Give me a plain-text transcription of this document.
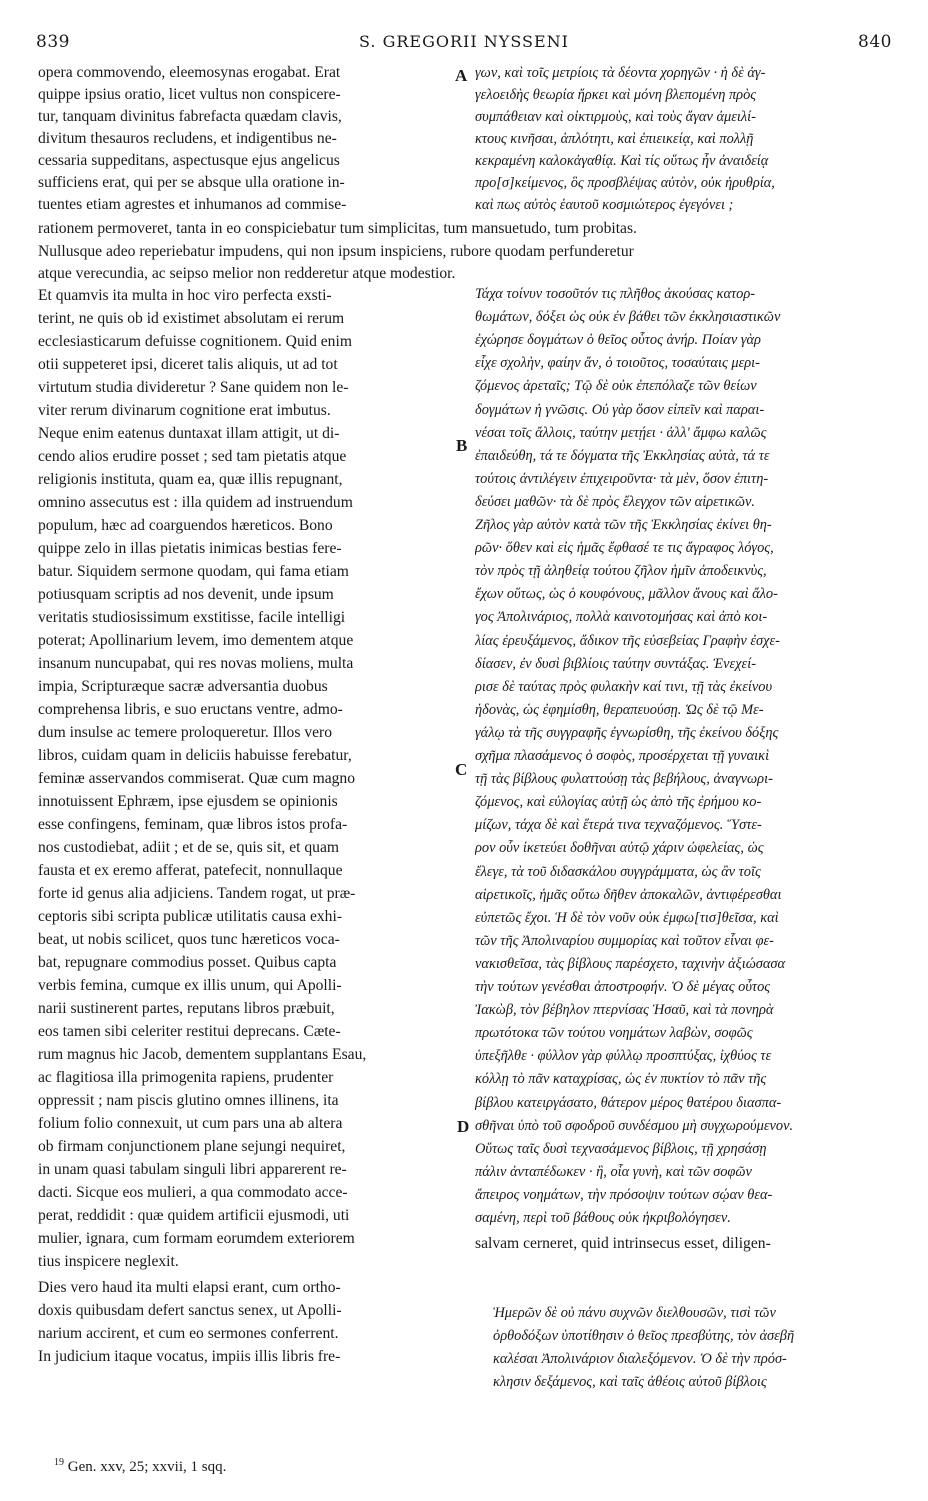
839	S. GREGORII NYSSENI	840
opera commovendo, eleemosynas erogabat. Erat
quippe ipsius oratio, licet vultus non conspicere-
tur, tanquam divinitus fabrefacta quædam clavis,
divitum thesauros recludens, et indigentibus ne-
cessaria suppeditans, aspectusque ejus angelicus
sufficiens erat, qui per se absque ulla oratione in-
tuentes etiam agrestes et inhumanos ad commise-
γων, καὶ τοῖς μετρίοις τὰ δέοντα χορηγῶν · ἡ δὲ ἀγ-
γελοειδὴς θεωρία ἤρκει καὶ μόνη βλεπομένη πρὸς
συμπάθειαν καὶ οἰκτιρμοὺς, καὶ τοὺς ἄγαν ἀμειλί-
κτους κινῆσαι, ἁπλότητι, καὶ ἐπιεικείᾳ, καὶ πολλῇ
κεκραμένη καλοκἀγαθίᾳ. Καὶ τίς οὕτως ἦν ἀναιδείᾳ
προ[σ]κείμενος, ὃς προσβλέψας αὐτὸν, οὐκ ἠρυθρία,
καὶ πως αὐτὸς ἑαυτοῦ κοσμιώτερος ἐγεγόνει ;
rationem permoveret, tanta in eo conspiciebatur tum simplicitas, tum mansuetudo, tum probitas.
Nullusque adeo reperiebatur impudens, qui non ipsum inspiciens, rubore quodam perfunderetur
atque verecundia, ac seipso melior non redderetur atque modestior.
Et quamvis ita multa in hoc viro perfecta exsti-
terint, ne quis ob id existimet absolutam ei rerum
ecclesiasticarum defuisse cognitionem. Quid enim
otii suppeteret ipsi, diceret talis aliquis, ut ad tot
virtutum studia divideretur ? Sane quidem non le-
viter rerum divinarum cognitione erat imbutus.
Neque enim eatenus duntaxat illam attigit, ut di-
cendo alios erudire posset ; sed tam pietatis atque
religionis instituta, quam ea, quæ illis repugnant,
omnino assecutus est : illa quidem ad instruendum
populum, hæc ad coarguendos hæreticos. Bono
quippe zelo in illas pietatis inimicas bestias fere-
batur. Siquidem sermone quodam, qui fama etiam
potiusquam scriptis ad nos devenit, unde ipsum
veritatis studiosissimum exstitisse, facile intelligi
poterat; Apollinarium levem, imo dementem atque
insanum nuncupabat, qui res novas moliens, multa
impia, Scripturæque sacræ adversantia duobus
comprehensa libris, e suo eructans ventre, admo-
dum insulse ac temere proloqueretur. Illos vero
libros, cuidam quam in deliciis habuisse ferebatur,
feminæ asservandos commiserat. Quæ cum magno
innotuissent Ephræm, ipse ejusdem se opinionis
esse confingens, feminam, quæ libros istos profa-
nos custodiebat, adiit ; et de se, quis sit, et quam
fausta et ex eremo afferat, patefecit, nonnullaque
forte id genus alia adjiciens. Tandem rogat, ut præ-
ceptoris sibi scripta publicæ utilitatis causa exhi-
beat, ut nobis scilicet, quos tunc hæreticos voca-
bat, repugnare commodius posset. Quibus capta
verbis femina, cumque ex illis unum, qui Apolli-
narii sustinerent partes, reputans libros præbuit,
eos tamen sibi celeriter restitui deprecans. Cæte-
rum magnus hic Jacob, dementem supplantans Esau,
ac flagitiosa illa primogenita rapiens, prudenter
oppressit ; nam piscis glutino omnes illinens, ita
folium folio connexuit, ut cum pars una ab altera
ob firmam conjunctionem plane sejungi nequiret,
in unam quasi tabulam singuli libri apparerent re-
dacti. Sicque eos mulieri, a qua commodato acce-
perat, reddidit : quæ quidem artificii ejusmodi, uti
mulier, ignara, cum formam eorumdem exteriorem
tius inspicere neglexit.
Τάχα τοίνυν τοσοῦτόν τις πλῆθος ἀκούσας κατορ-
θωμάτων, δόξει ὡς οὐκ ἐν βάθει τῶν ἐκκλησιαστικῶν
ἐχώρησε δογμάτων ὁ θεῖος οὗτος ἀνήρ. Ποίαν γὰρ
εἶχε σχολὴν, φαίην ἄν, ὁ τοιοῦτος, τοσαύταις μερι-
ζόμενος ἀρεταῖς; Τῷ δὲ οὐκ ἐπεπόλαζε τῶν θείων
δογμάτων ἡ γνῶσις. Οὐ γὰρ ὅσον εἰπεῖν καὶ παραι-
νέσαι τοῖς ἄλλοις, ταύτην μετῄει · ἀλλ' ἄμφω καλῶς
ἐπαιδεύθη, τά τε δόγματα τῆς Ἐκκλησίας αὐτὰ, τά τε
τούτοις ἀντιλέγειν ἐπιχειροῦντα· τὰ μὲν, ὅσον ἐπιτη-
δεύσει μαθῶν· τὰ δὲ πρὸς ἔλεγχον τῶν αἱρετικῶν.
Ζῆλος γὰρ αὐτὸν κατὰ τῶν τῆς Ἐκκλησίας ἐκίνει θη-
ρῶν· ὅθεν καὶ εἰς ἡμᾶς ἔφθασέ τε τις ἄγραφος λόγος,
τὸν πρὸς τῇ ἀληθείᾳ τούτου ζῆλον ἡμῖν ἀποδεικνὺς,
ἔχων οὕτως, ὡς ὁ κουφόνους, μᾶλλον ἄνους καὶ ἄλο-
γος Ἀπολινάριος, πολλὰ καινοτομήσας καὶ ἀπὸ κοι-
λίας ἐρευξάμενος, ἄδικον τῆς εὐσεβείας Γραφὴν ἐσχε-
δίασεν, ἐν δυσὶ βιβλίοις ταύτην συντάξας. Ἐνεχεί-
ρισε δὲ ταύτας πρὸς φυλακὴν καί τινι, τῇ τὰς ἐκείνου
ἡδονὰς, ὡς ἐφημίσθη, θεραπευούσῃ. Ὡς δὲ τῷ Με-
γάλῳ τὰ τῆς συγγραφῆς ἐγνωρίσθη, τῆς ἐκείνου δόξης
σχῆμα πλασάμενος ὁ σοφὸς, προσέρχεται τῇ γυναικὶ
τῇ τὰς βίβλους φυλαττούσῃ τὰς βεβήλους, ἀναγνωρι-
ζόμενος, καὶ εὐλογίας αὐτῇ ὡς ἀπὸ τῆς ἐρήμου κο-
μίζων, τάχα δὲ καὶ ἕτερά τινα τεχναζόμενος. Ὕστε-
ρον οὖν ἱκετεύει δοθῆναι αὐτῷ χάριν ὠφελείας, ὡς
ἔλεγε, τὰ τοῦ διδασκάλου συγγράμματα, ὡς ἂν τοῖς
αἱρετικοῖς, ἡμᾶς οὕτω δῆθεν ἀποκαλῶν, ἀντιφέρεσθαι
εὐπετῶς ἔχοι. Ἡ δὲ τὸν νοῦν οὐκ ἐμφω[τισ]θεῖσα, καὶ
τῶν τῆς Ἀπολιναρίου συμμορίας καὶ τοῦτον εἶναι φε-
νακισθεῖσα, τὰς βίβλους παρέσχετο, ταχινὴν ἀξιώσασα
τὴν τούτων γενέσθαι ἀποστροφήν. Ὁ δὲ μέγας οὗτος
Ἰακὼβ, τὸν βέβηλον πτερνίσας Ἡσαῦ, καὶ τὰ πονηρὰ
πρωτότοκα τῶν τούτου νοημάτων λαβὼν, σοφῶς
ὑπεξῆλθε · φύλλον γὰρ φύλλῳ προσπτύξας, ἰχθύος τε
κόλλῃ τὸ πᾶν καταχρίσας, ὡς ἐν πυκτίον τὸ πᾶν τῆς
βίβλου κατειργάσατο, θάτερον μέρος θατέρου διασπα-
σθῆναι ὑπὸ τοῦ σφοδροῦ συνδέσμου μὴ συγχωρούμενον.
Οὕτως ταῖς δυσὶ τεχνασάμενος βίβλοις, τῇ χρησάσῃ
πάλιν ἀνταπέδωκεν · ἣ, οἷα γυνὴ, καὶ τῶν σοφῶν
ἄπειρος νοημάτων, τὴν πρόσοψιν τούτων σῴαν θεα-
σαμένη, περὶ τοῦ βάθους οὐκ ἠκριβολόγησεν.
salvam cerneret, quid intrinsecus esset, diligen-
Dies vero haud ita multi elapsi erant, cum ortho-
doxis quibusdam defert sanctus senex, ut Apolli-
narium accirent, et cum eo sermones conferrent.
In judicium itaque vocatus, impiis illis libris fre-
Ἡμερῶν δὲ οὐ πάνυ συχνῶν διελθουσῶν, τισὶ τῶν
ὀρθοδόξων ὑποτίθησιν ὁ θεῖος πρεσβύτης, τὸν ἀσεβῆ
καλέσαι Ἀπολινάριον διαλεξόμενον. Ὁ δὲ τὴν πρόσ-
κλησιν δεξάμενος, καὶ ταῖς ἀθέοις αὐτοῦ βίβλοις
A
B
C
D
$^{19}$ Gen. xxv, 25; xxvii, 1 sqq.
